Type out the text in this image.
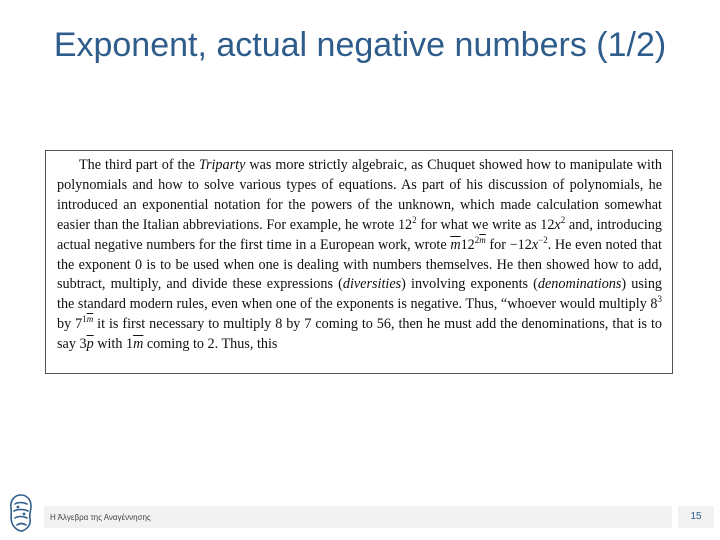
Exponent, actual negative numbers (1/2)

The third part of the Triparty was more strictly algebraic, as Chuquet showed how to manipulate with polynomials and how to solve various types of equations. As part of his discussion of polynomials, he introduced an exponential notation for the powers of the unknown, which made calculation somewhat easier than the Italian abbreviations. For example, he wrote $12^2$ for what we write as $12x^2$ and, introducing actual negative numbers for the first time in a European work, wrote $\overline{m}12^{2\overline{m}}$ for $-12x^{-2}$. He even noted that the exponent 0 is to be used when one is dealing with numbers themselves. He then showed how to add, subtract, multiply, and divide these expressions (diversities) involving exponents (denominations) using the standard modern rules, even when one of the exponents is negative. Thus, “whoever would multiply $8^3$ by $7^{1\overline{m}}$ it is first necessary to multiply 8 by 7 coming to 56, then he must add the denominations, that is to say $3\overline{p}$ with $1\overline{m}$ coming to 2. Thus, this

Η Άλγεβρα της Αναγέννησης	15
